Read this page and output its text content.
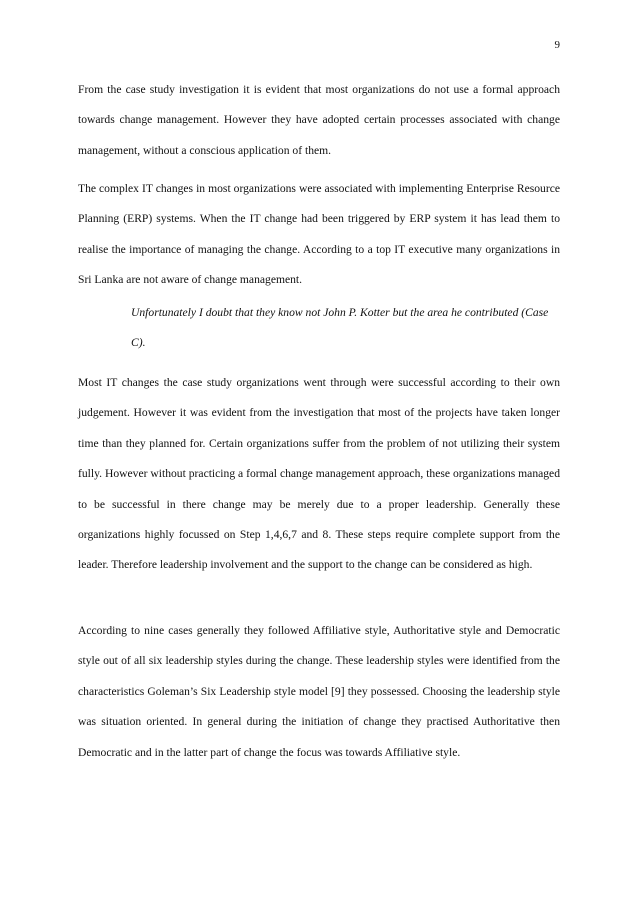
9

From the case study investigation it is evident that most organizations do not use a formal approach towards change management. However they have adopted certain processes associated with change management, without a conscious application of them.

The complex IT changes in most organizations were associated with implementing Enterprise Resource Planning (ERP) systems. When the IT change had been triggered by ERP system it has lead them to realise the importance of managing the change. According to a top IT executive many organizations in Sri Lanka are not aware of change management.

Unfortunately I doubt that they know not John P. Kotter but the area he contributed (Case C).

Most IT changes the case study organizations went through were successful according to their own judgement. However it was evident from the investigation that most of the projects have taken longer time than they planned for. Certain organizations suffer from the problem of not utilizing their system fully. However without practicing a formal change management approach, these organizations managed to be successful in there change may be merely due to a proper leadership. Generally these organizations highly focussed on Step 1,4,6,7 and 8. These steps require complete support from the leader. Therefore leadership involvement and the support to the change can be considered as high.

According to nine cases generally they followed Affiliative style, Authoritative style and Democratic style out of all six leadership styles during the change. These leadership styles were identified from the characteristics Goleman’s Six Leadership style model [9] they possessed. Choosing the leadership style was situation oriented. In general during the initiation of change they practised Authoritative then Democratic and in the latter part of change the focus was towards Affiliative style.
